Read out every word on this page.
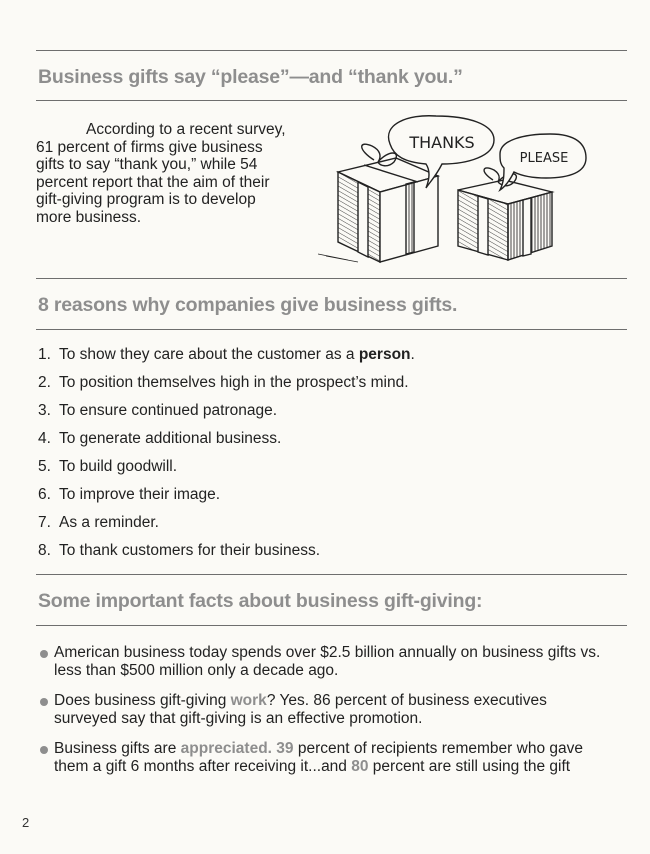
Business gifts say “please”—and “thank you.”

According to a recent survey, 61 percent of firms give business gifts to say “thank you,” while 54 percent report that the aim of their gift-giving program is to develop more business.

THANKS
PLEASE
8 reasons why companies give business gifts.
1. To show they care about the customer as a person.
2. To position themselves high in the prospect’s mind.
3. To ensure continued patronage.
4. To generate additional business.
5. To build goodwill.
6. To improve their image.
7. As a reminder.
8. To thank customers for their business.
Some important facts about business gift-giving:
American business today spends over $2.5 billion annually on business gifts vs. less than $500 million only a decade ago.
Does business gift-giving work? Yes. 86 percent of business executives surveyed say that gift-giving is an effective promotion.
Business gifts are appreciated. 39 percent of recipients remember who gave them a gift 6 months after receiving it...and 80 percent are still using the gift
2
